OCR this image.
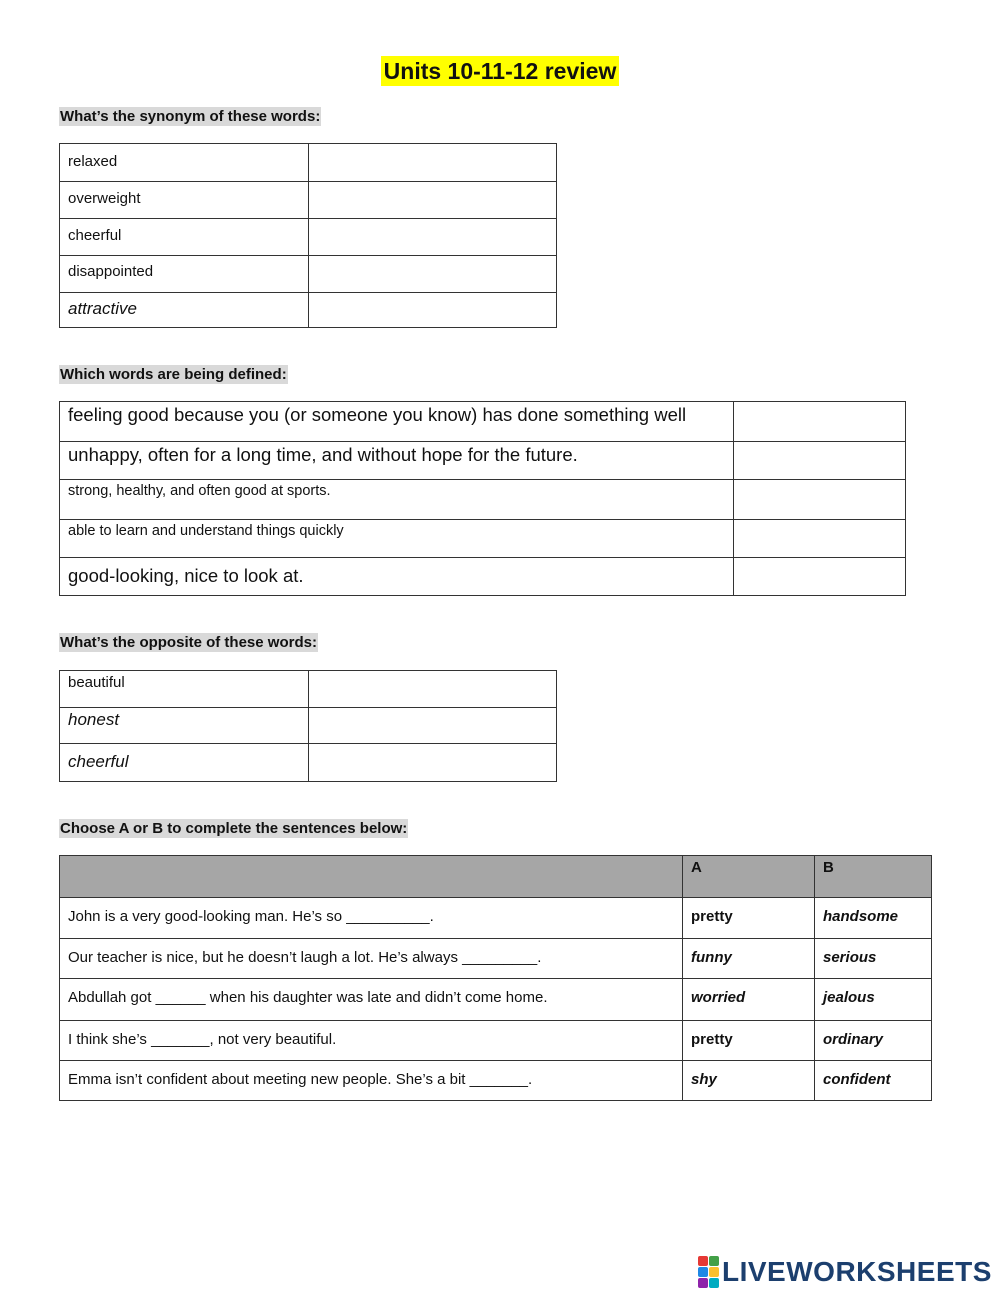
Units 10-11-12 review
What’s the synonym of these words:
relaxed	
overweight	
cheerful	
disappointed	
attractive	
Which words are being defined:
feeling good because you (or someone you know) has done something well	
unhappy, often for a long time, and without hope for the future.	
strong, healthy, and often good at sports.	
able to learn and understand things quickly	
good-looking, nice to look at.	
What’s the opposite of these words:
beautiful	
honest	
cheerful	
Choose A or B to complete the sentences below:
	A	B
John is a very good-looking man. He’s so __________.	pretty	handsome
Our teacher is nice, but he doesn’t laugh a lot. He’s always _________.	funny	serious
Abdullah got ______ when his daughter was late and didn’t come home.	worried	jealous
I think she’s _______, not very beautiful.	pretty	ordinary
Emma isn’t confident about meeting new people. She’s a bit _______.	shy	confident
LIVEWORKSHEETS
